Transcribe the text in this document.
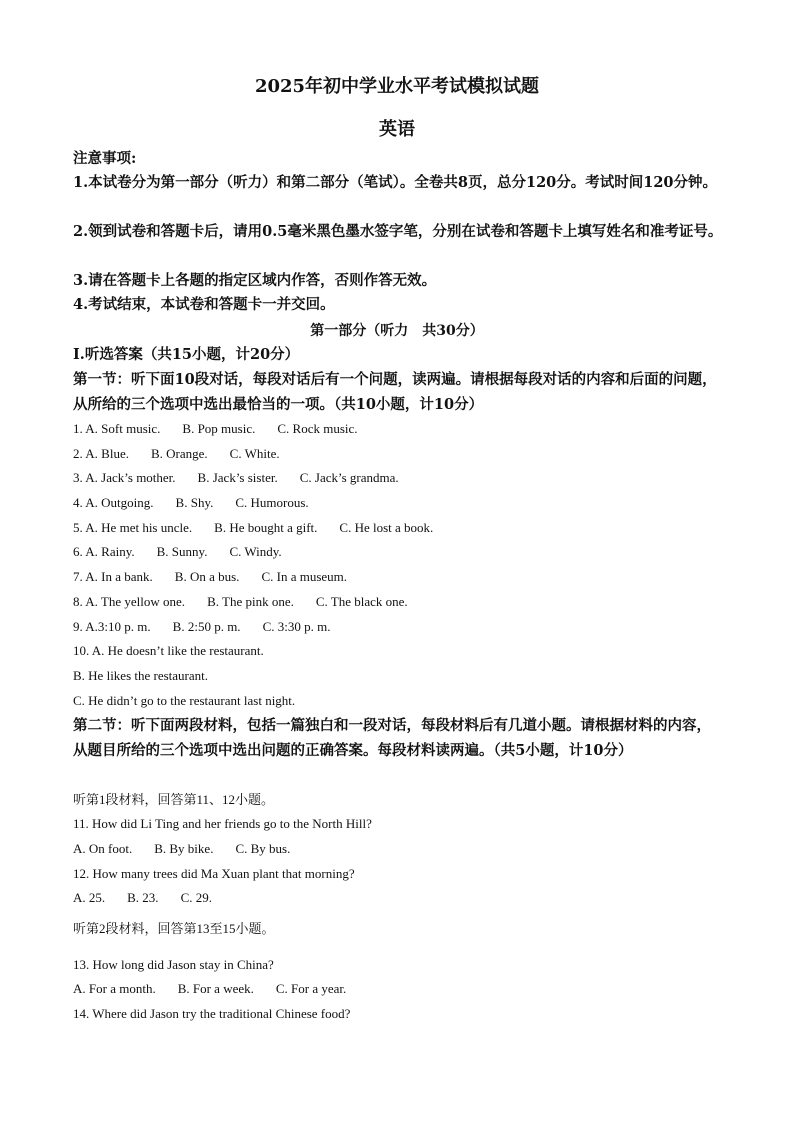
2025年初中学业水平考试模拟试题
英语
注意事项:
1.本试卷分为第一部分（听力）和第二部分（笔试）。全卷共8页，总分120分。考试时间120分钟。
2.领到试卷和答题卡后，请用0.5毫米黑色墨水签字笔，分别在试卷和答题卡上填写姓名和准考证号。
3.请在答题卡上各题的指定区域内作答，否则作答无效。
4.考试结束，本试卷和答题卡一并交回。
第一部分（听力　共30分）
Ⅰ.听选答案（共15小题，计20分）
第一节：听下面10段对话，每段对话后有一个问题，读两遍。请根据每段对话的内容和后面的问题，从所给的三个选项中选出最恰当的一项。（共10小题，计10分）
1. A. Soft music. B. Pop music. C. Rock music.
2. A. Blue. B. Orange. C. White.
3. A. Jack’s mother. B. Jack’s sister. C. Jack’s grandma.
4. A. Outgoing. B. Shy. C. Humorous.
5. A. He met his uncle. B. He bought a gift. C. He lost a book.
6. A. Rainy. B. Sunny. C. Windy.
7. A. In a bank. B. On a bus. C. In a museum.
8. A. The yellow one. B. The pink one. C. The black one.
9. A.3:10 p. m. B. 2:50 p. m. C. 3:30 p. m.
10. A. He doesn’t like the restaurant.
B. He likes the restaurant.
C. He didn’t go to the restaurant last night.
第二节：听下面两段材料，包括一篇独白和一段对话，每段材料后有几道小题。请根据材料的内容，从题目所给的三个选项中选出问题的正确答案。每段材料读两遍。（共5小题，计10分）
听第1段材料，回答第11、12小题。
11. How did Li Ting and her friends go to the North Hill?
A. On foot. B. By bike. C. By bus.
12. How many trees did Ma Xuan plant that morning?
A. 25. B. 23. C. 29.
听第2段材料，回答第13至15小题。
13. How long did Jason stay in China?
A. For a month. B. For a week. C. For a year.
14. Where did Jason try the traditional Chinese food?
